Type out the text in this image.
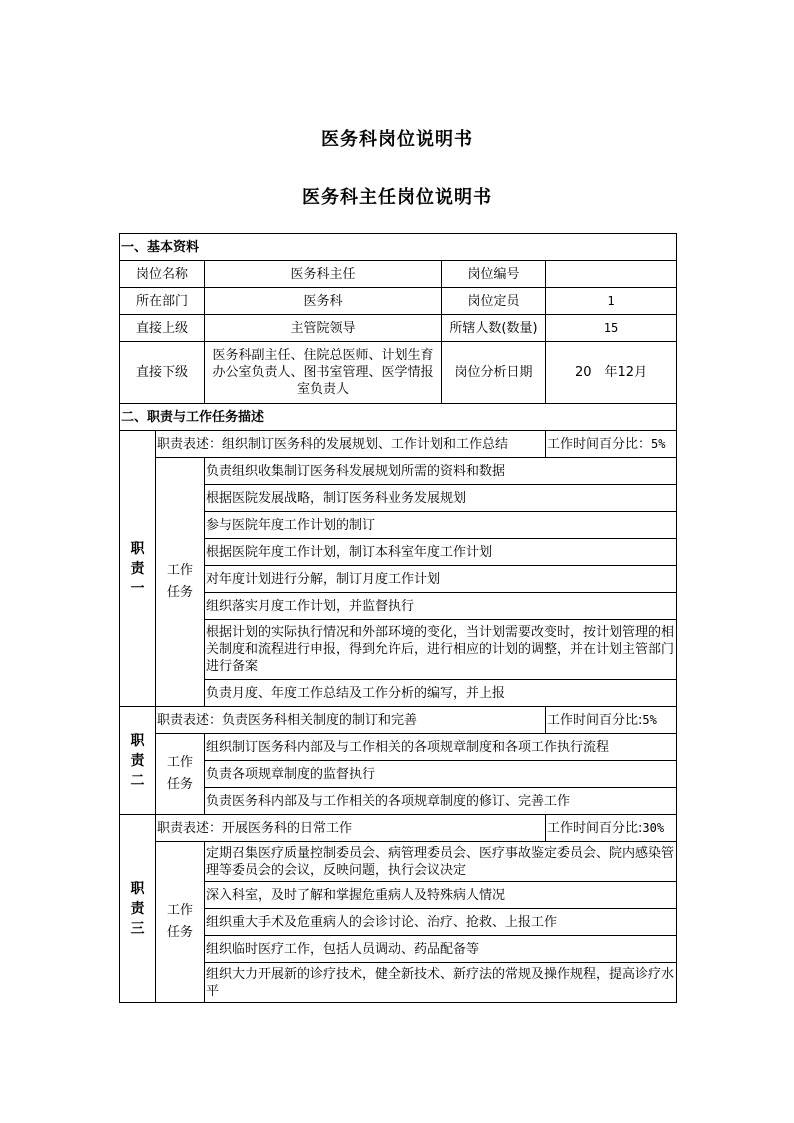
医务科岗位说明书
医务科主任岗位说明书
一、基本资料				
岗位名称		医务科主任	岗位编号	
所在部门		医务科	岗位定员	1
直接上级		主管院领导	所辖人数(数量)	15
直接下级		医务科副主任、住院总医师、计划生育办公室负责人、图书室管理、医学情报室负责人	岗位分析日期	20　年12月
二、职责与工作任务描述				

职
责
一	职责表述：组织制订医务科的发展规划、工作计划和工作总结			工作时间百分比：5%

	工作
任务	负责组织收集制订医务科发展规划所需的资料和数据		
		根据医院发展战略，制订医务科业务发展规划		
		参与医院年度工作计划的制订		
		根据医院年度工作计划，制订本科室年度工作计划		
		对年度计划进行分解，制订月度工作计划		
		组织落实月度工作计划，并监督执行		
		根据计划的实际执行情况和外部环境的变化，当计划需要改变时，按计划管理的相关制度和流程进行申报，得到允许后，进行相应的计划的调整，并在计划主管部门进行备案		
		负责月度、年度工作总结及工作分析的编写，并上报		

职
责
二	职责表述：负责医务科相关制度的制订和完善			工作时间百分比:5%

	工作
任务	组织制订医务科内部及与工作相关的各项规章制度和各项工作执行流程		
		负责各项规章制度的监督执行		
		负责医务科内部及与工作相关的各项规章制度的修订、完善工作		

职
责
三	职责表述：开展医务科的日常工作			工作时间百分比:30%

	工作
任务	定期召集医疗质量控制委员会、病管理委员会、医疗事故鉴定委员会、院内感染管理等委员会的会议，反映问题，执行会议决定		
		深入科室，及时了解和掌握危重病人及特殊病人情况		
		组织重大手术及危重病人的会诊讨论、治疗、抢救、上报工作		
		组织临时医疗工作，包括人员调动、药品配备等		
		组织大力开展新的诊疗技术，健全新技术、新疗法的常规及操作规程，提高诊疗水平		
